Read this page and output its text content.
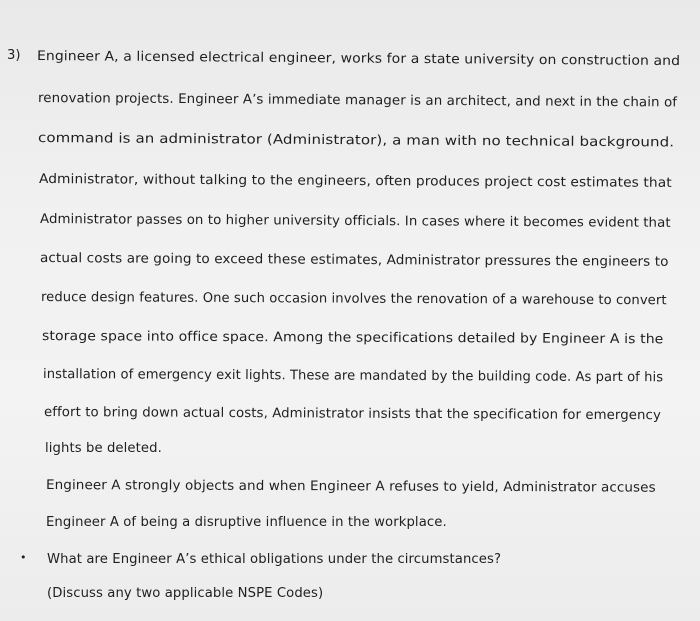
3) Engineer A, a licensed electrical engineer, works for a state university on construction and
renovation projects. Engineer A’s immediate manager is an architect, and next in the chain of
command is an administrator (Administrator), a man with no technical background.
Administrator, without talking to the engineers, often produces project cost estimates that
Administrator passes on to higher university officials. In cases where it becomes evident that
actual costs are going to exceed these estimates, Administrator pressures the engineers to
reduce design features. One such occasion involves the renovation of a warehouse to convert
storage space into office space. Among the specifications detailed by Engineer A is the
installation of emergency exit lights. These are mandated by the building code. As part of his
effort to bring down actual costs, Administrator insists that the specification for emergency
lights be deleted.
Engineer A strongly objects and when Engineer A refuses to yield, Administrator accuses
Engineer A of being a disruptive influence in the workplace.
• What are Engineer A’s ethical obligations under the circumstances?
(Discuss any two applicable NSPE Codes)
